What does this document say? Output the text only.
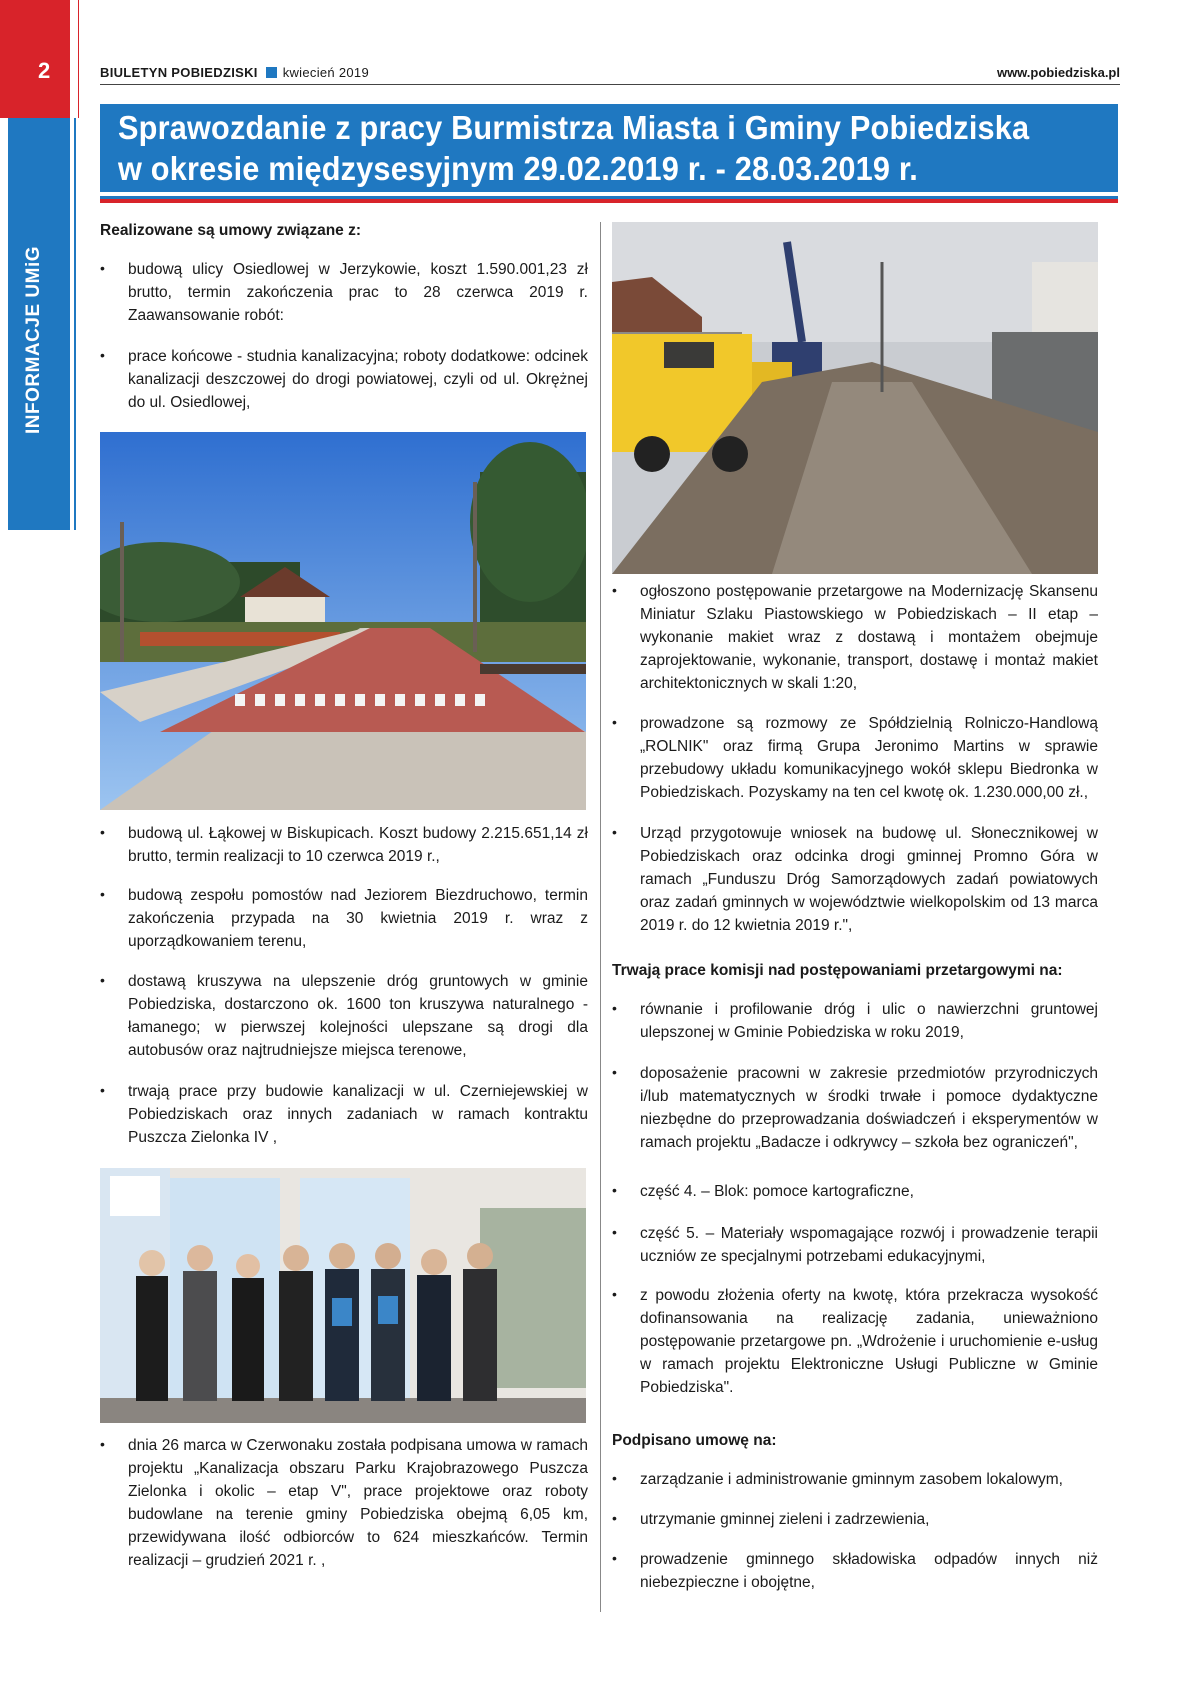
2
INFORMACJE UMiG
BIULETYN POBIEDZISKI kwiecień 2019	www.pobiedziska.pl
Sprawozdanie z pracy Burmistrza Miasta i Gminy Pobiedziska
w okresie międzysesyjnym 29.02.2019 r. - 28.03.2019 r.
Realizowane są umowy związane z:
• budową ulicy Osiedlowej w Jerzykowie, koszt 1.590.001,23 zł brutto, termin zakończenia prac to 28 czerwca 2019 r. Zaawansowanie robót:
• prace końcowe - studnia kanalizacyjna; roboty dodatkowe: odcinek kanalizacji deszczowej do drogi powiatowej, czyli od ul. Okrężnej do ul. Osiedlowej,
• budową ul. Łąkowej w Biskupicach. Koszt budowy 2.215.651,14 zł brutto, termin realizacji to 10 czerwca 2019 r.,
• budową zespołu pomostów nad Jeziorem Biezdruchowo, termin zakończenia przypada na 30 kwietnia 2019 r. wraz z uporządkowaniem terenu,
• dostawą kruszywa na ulepszenie dróg gruntowych w gminie Pobiedziska, dostarczono ok. 1600 ton kruszywa naturalnego - łamanego; w pierwszej kolejności ulepszane są drogi dla autobusów oraz najtrudniejsze miejsca terenowe,
• trwają prace przy budowie kanalizacji w ul. Czerniejewskiej w Pobiedziskach oraz innych zadaniach w ramach kontraktu Puszcza Zielonka IV ,
• dnia 26 marca w Czerwonaku została podpisana umowa w ramach projektu „Kanalizacja obszaru Parku Krajobrazowego Puszcza Zielonka i okolic – etap V", prace projektowe oraz roboty budowlane na terenie gminy Pobiedziska obejmą 6,05 km, przewidywana ilość odbiorców to 624 mieszkańców. Termin realizacji – grudzień 2021 r. ,
• ogłoszono postępowanie przetargowe na Modernizację Skansenu Miniatur Szlaku Piastowskiego w Pobiedziskach – II etap – wykonanie makiet wraz z dostawą i montażem obejmuje zaprojektowanie, wykonanie, transport, dostawę i montaż makiet architektonicznych w skali 1:20,
• prowadzone są rozmowy ze Spółdzielnią Rolniczo-Handlową „ROLNIK" oraz firmą Grupa Jeronimo Martins w sprawie przebudowy układu komunikacyjnego wokół sklepu Biedronka w Pobiedziskach. Pozyskamy na ten cel kwotę ok. 1.230.000,00 zł.,
• Urząd przygotowuje wniosek na budowę ul. Słonecznikowej w Pobiedziskach oraz odcinka drogi gminnej Promno Góra w ramach „Funduszu Dróg Samorządowych zadań powiatowych oraz zadań gminnych w województwie wielkopolskim od 13 marca 2019 r. do 12 kwietnia 2019 r.",
Trwają prace komisji nad postępowaniami przetargowymi na:
• równanie i profilowanie dróg i ulic o nawierzchni gruntowej ulepszonej w Gminie Pobiedziska w roku 2019,
• doposażenie pracowni w zakresie przedmiotów przyrodniczych i/lub matematycznych w środki trwałe i pomoce dydaktyczne niezbędne do przeprowadzania doświadczeń i eksperymentów w ramach projektu „Badacze i odkrywcy – szkoła bez ograniczeń",
• część 4. – Blok: pomoce kartograficzne,
• część 5. – Materiały wspomagające rozwój i prowadzenie terapii uczniów ze specjalnymi potrzebami edukacyjnymi,
• z powodu złożenia oferty na kwotę, która przekracza wysokość dofinansowania na realizację zadania, unieważniono postępowanie przetargowe pn. „Wdrożenie i uruchomienie e-usług w ramach projektu Elektroniczne Usługi Publiczne w Gminie Pobiedziska".
Podpisano umowę na:
• zarządzanie i administrowanie gminnym zasobem lokalowym,
• utrzymanie gminnej zieleni i zadrzewienia,
• prowadzenie gminnego składowiska odpadów innych niż niebezpieczne i obojętne,
